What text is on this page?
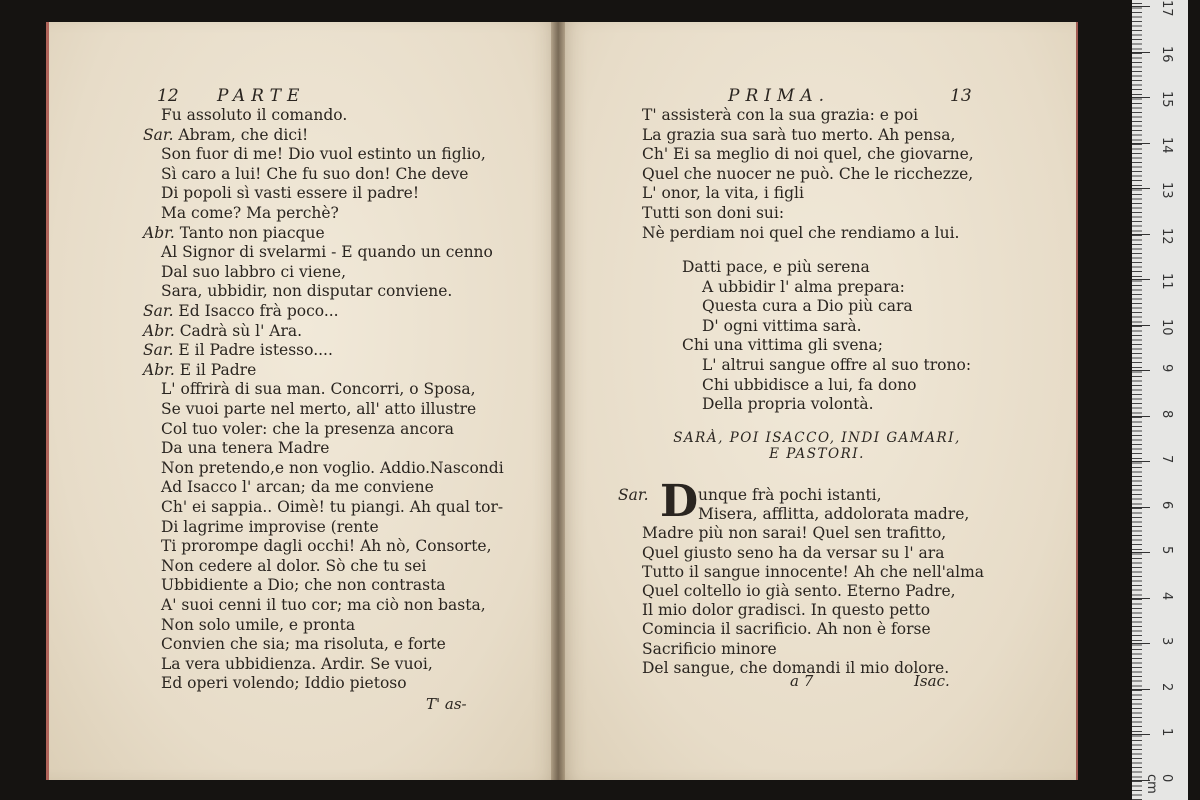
12 PARTE
Fu assoluto il comando.
Sar. Abram, che dici!
Son fuor di me! Dio vuol estinto un figlio,
Sì caro a lui! Che fu suo don! Che deve
Di popoli sì vasti essere il padre!
Ma come? Ma perchè?
Abr. Tanto non piacque
Al Signor di svelarmi - E quando un cenno
Dal suo labbro ci viene,
Sara, ubbidir, non disputar conviene.
Sar. Ed Isacco frà poco...
Abr. Cadrà sù l' Ara.
Sar. E il Padre istesso....
Abr. E il Padre
L' offrirà di sua man. Concorri, o Sposa,
Se vuoi parte nel merto, all' atto illustre
Col tuo voler: che la presenza ancora
Da una tenera Madre
Non pretendo,e non voglio. Addio.Nascondi
Ad Isacco l' arcan; da me conviene
Ch' ei sappia.. Oimè! tu piangi. Ah qual tor-
Di lagrime improvise (rente
Ti prorompe dagli occhi! Ah nò, Consorte,
Non cedere al dolor. Sò che tu sei
Ubbidiente a Dio; che non contrasta
A' suoi cenni il tuo cor; ma ciò non basta,
Non solo umile, e pronta
Convien che sia; ma risoluta, e forte
La vera ubbidienza. Ardir. Se vuoi,
Ed operi volendo; Iddio pietoso
T' as-
PRIMA.	13
T' assisterà con la sua grazia: e poi
La grazia sua sarà tuo merto. Ah pensa,
Ch' Ei sa meglio di noi quel, che giovarne,
Quel che nuocer ne può. Che le ricchezze,
L' onor, la vita, i figli
Tutti son doni sui:
Nè perdiam noi quel che rendiamo a lui.
Datti pace, e più serena
A ubbidir l' alma prepara:
Questa cura a Dio più cara
D' ogni vittima sarà.
Chi una vittima gli svena;
L' altrui sangue offre al suo trono:
Chi ubbidisce a lui, fa dono
Della propria volontà.
SARÀ, POI ISACCO, INDI GAMARI,
E PASTORI.
Sar. D unque frà pochi istanti,
Misera, afflitta, addolorata madre,
Madre più non sarai! Quel sen trafitto,
Quel giusto seno ha da versar su l' ara
Tutto il sangue innocente! Ah che nell'alma
Quel coltello io già sento. Eterno Padre,
Il mio dolor gradisci. In questo petto
Comincia il sacrificio. Ah non è forse
Sacrificio minore
Del sangue, che domandi il mio dolore.
a 7	Isac.
17
16
15
14
13
12
11
10
9
8
7
6
5
4
3
2
1
0 cm
